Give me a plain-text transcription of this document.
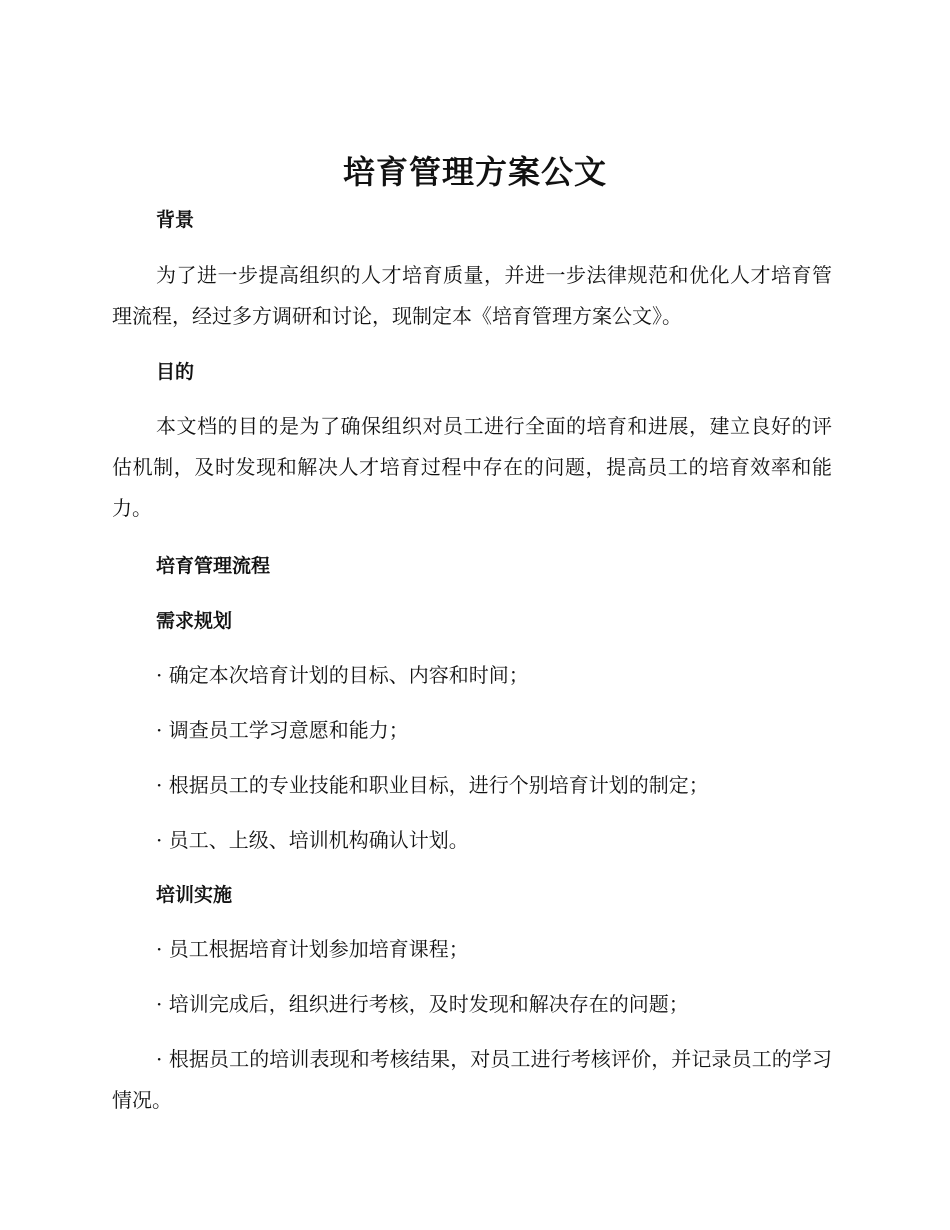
培育管理方案公文
背景
为了进一步提高组织的人才培育质量，并进一步法律规范和优化人才培育管理流程，经过多方调研和讨论，现制定本《培育管理方案公文》。
目的
本文档的目的是为了确保组织对员工进行全面的培育和进展，建立良好的评估机制，及时发现和解决人才培育过程中存在的问题，提高员工的培育效率和能力。
培育管理流程
需求规划
· 确定本次培育计划的目标、内容和时间；
· 调查员工学习意愿和能力；
· 根据员工的专业技能和职业目标，进行个别培育计划的制定；
· 员工、上级、培训机构确认计划。
培训实施
· 员工根据培育计划参加培育课程；
· 培训完成后，组织进行考核，及时发现和解决存在的问题；
· 根据员工的培训表现和考核结果，对员工进行考核评价，并记录员工的学习情况。
